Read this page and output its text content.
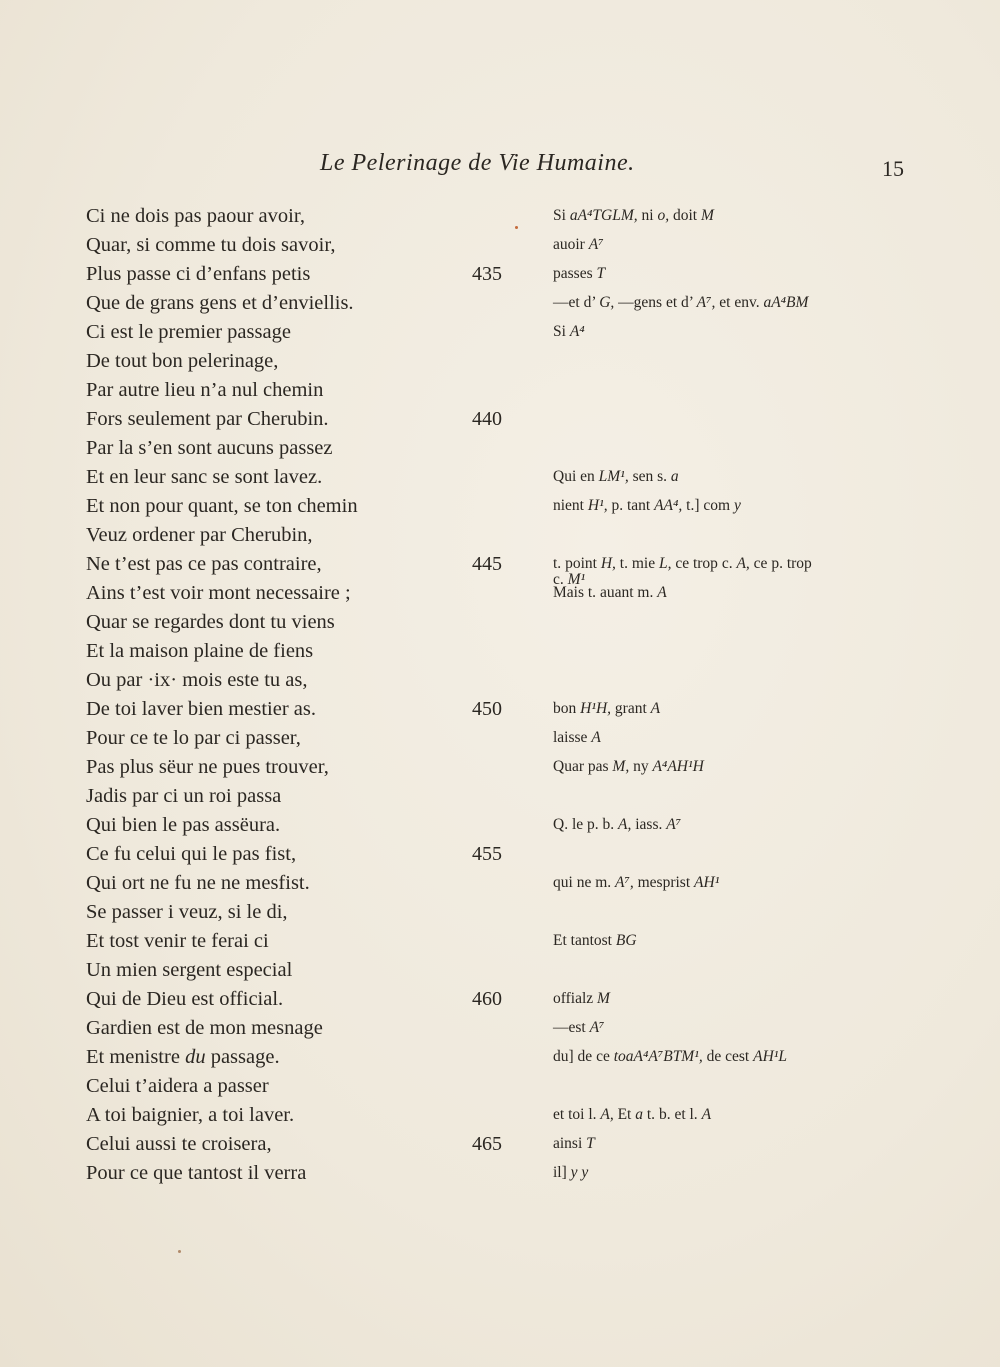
Le Pelerinage de Vie Humaine.	15
Ci ne dois pas paour avoir,
Quar, si comme tu dois savoir,
Plus passe ci d’enfans petis	435
Que de grans gens et d’enviellis.
Ci est le premier passage
De tout bon pelerinage,
Par autre lieu n’a nul chemin
Fors seulement par Cherubin.	440
Par la s’en sont aucuns passez
Et en leur sanc se sont lavez.
Et non pour quant, se ton chemin
Veuz ordener par Cherubin,
Ne t’est pas ce pas contraire,	445
Ains t’est voir mont necessaire ;
Quar se regardes dont tu viens
Et la maison plaine de fiens
Ou par ·ix· mois este tu as,
De toi laver bien mestier as.	450
Pour ce te lo par ci passer,
Pas plus sëur ne pues trouver,
Jadis par ci un roi passa
Qui bien le pas assëura.
Ce fu celui qui le pas fist,	455
Qui ort ne fu ne ne mesfist.
Se passer i veuz, si le di,
Et tost venir te ferai ci
Un mien sergent especial
Qui de Dieu est official.	460
Gardien est de mon mesnage
Et menistre du passage.
Celui t’aidera a passer
A toi baignier, a toi laver.
Celui aussi te croisera,	465
Pour ce que tantost il verra
Si aA⁴TGLM, ni o, doit M
auoir A⁷
passes T
—et d’ G, —gens et d’ A⁷, et env. aA⁴BM
Si A⁴
Qui en LM¹, sen s. a
nient H¹, p. tant AA⁴, t.] com y
t. point H, t. mie L, ce trop c. A, ce p. trop
c. M¹
Mais t. auant m. A
bon H¹H, grant A
laisse A
Quar pas M, ny A⁴AH¹H
Q. le p. b. A, iass. A⁷
qui ne m. A⁷, mesprist AH¹
Et tantost BG
offialz M
—est A⁷
du] de ce toaA⁴A⁷BTM¹, de cest AH¹L
et toi l. A, Et a t. b. et l. A
ainsi T
il] y y
